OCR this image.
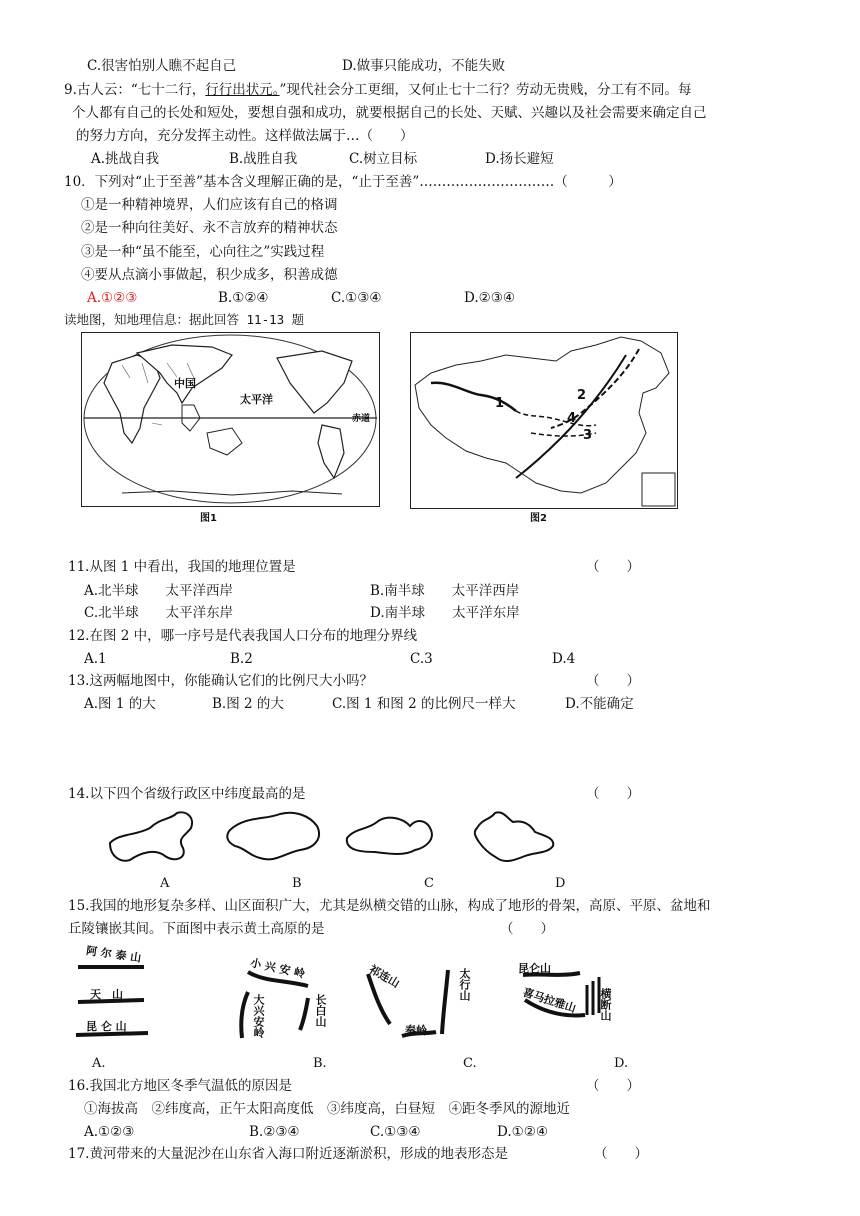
C.很害怕别人瞧不起自己	D.做事只能成功，不能失败
9.古人云：“七十二行，行行出状元。”现代社会分工更细，又何止七十二行？劳动无贵贱，分工有不同。每
个人都有自己的长处和短处，要想自强和成功，就要根据自己的长处、天赋、兴趣以及社会需要来确定自己
的努力方向，充分发挥主动性。这样做法属于…（　　）
A.挑战自我	B.战胜自我	C.树立目标	D.扬长避短
10．下列对“止于至善”基本含义理解正确的是，“止于至善”…………………………（　　　）
①是一种精神境界，人们应该有自己的格调
②是一种向往美好、永不言放弃的精神状态
③是一种“虽不能至，心向往之”实践过程
④要从点滴小事做起，积少成多，积善成德
A.①②③	B.①②④	C.①③④	D.②③④
读地图，知地理信息：据此回答 11-13 题
中国
太平洋
赤道
图1
1
2
3
4
图2
11.从图 1 中看出，我国的地理位置是	（　　）
A.北半球　　太平洋西岸	B.南半球　　太平洋西岸
C.北半球　　太平洋东岸	D.南半球　　太平洋东岸
12.在图 2 中，哪一序号是代表我国人口分布的地理分界线
A.1	B.2	C.3	D.4
13.这两幅地图中，你能确认它们的比例尺大小吗？	（　　）
A.图 1 的大	B.图 2 的大	C.图 1 和图 2 的比例尺一样大	D.不能确定
14.以下四个省级行政区中纬度最高的是	（　　）
A	B	C	D
15.我国的地形复杂多样、山区面积广大，尤其是纵横交错的山脉，构成了地形的骨架，高原、平原、盆地和
丘陵镶嵌其间。下面图中表示黄土高原的是	（　　）
阿 尔 泰 山
天　山
昆 仑 山
小 兴 安 岭
大兴安岭	长白山
祁连山	太行山
秦岭
昆仑山
喜马拉雅山 横断山
A.	B.	C.	D.
16.我国北方地区冬季气温低的原因是	（　　）
①海拔高　②纬度高，正午太阳高度低　③纬度高，白昼短　④距冬季风的源地近
A.①②③	B.②③④	C.①③④	D.①②④
17.黄河带来的大量泥沙在山东省入海口附近逐渐淤积，形成的地表形态是	（　　）
